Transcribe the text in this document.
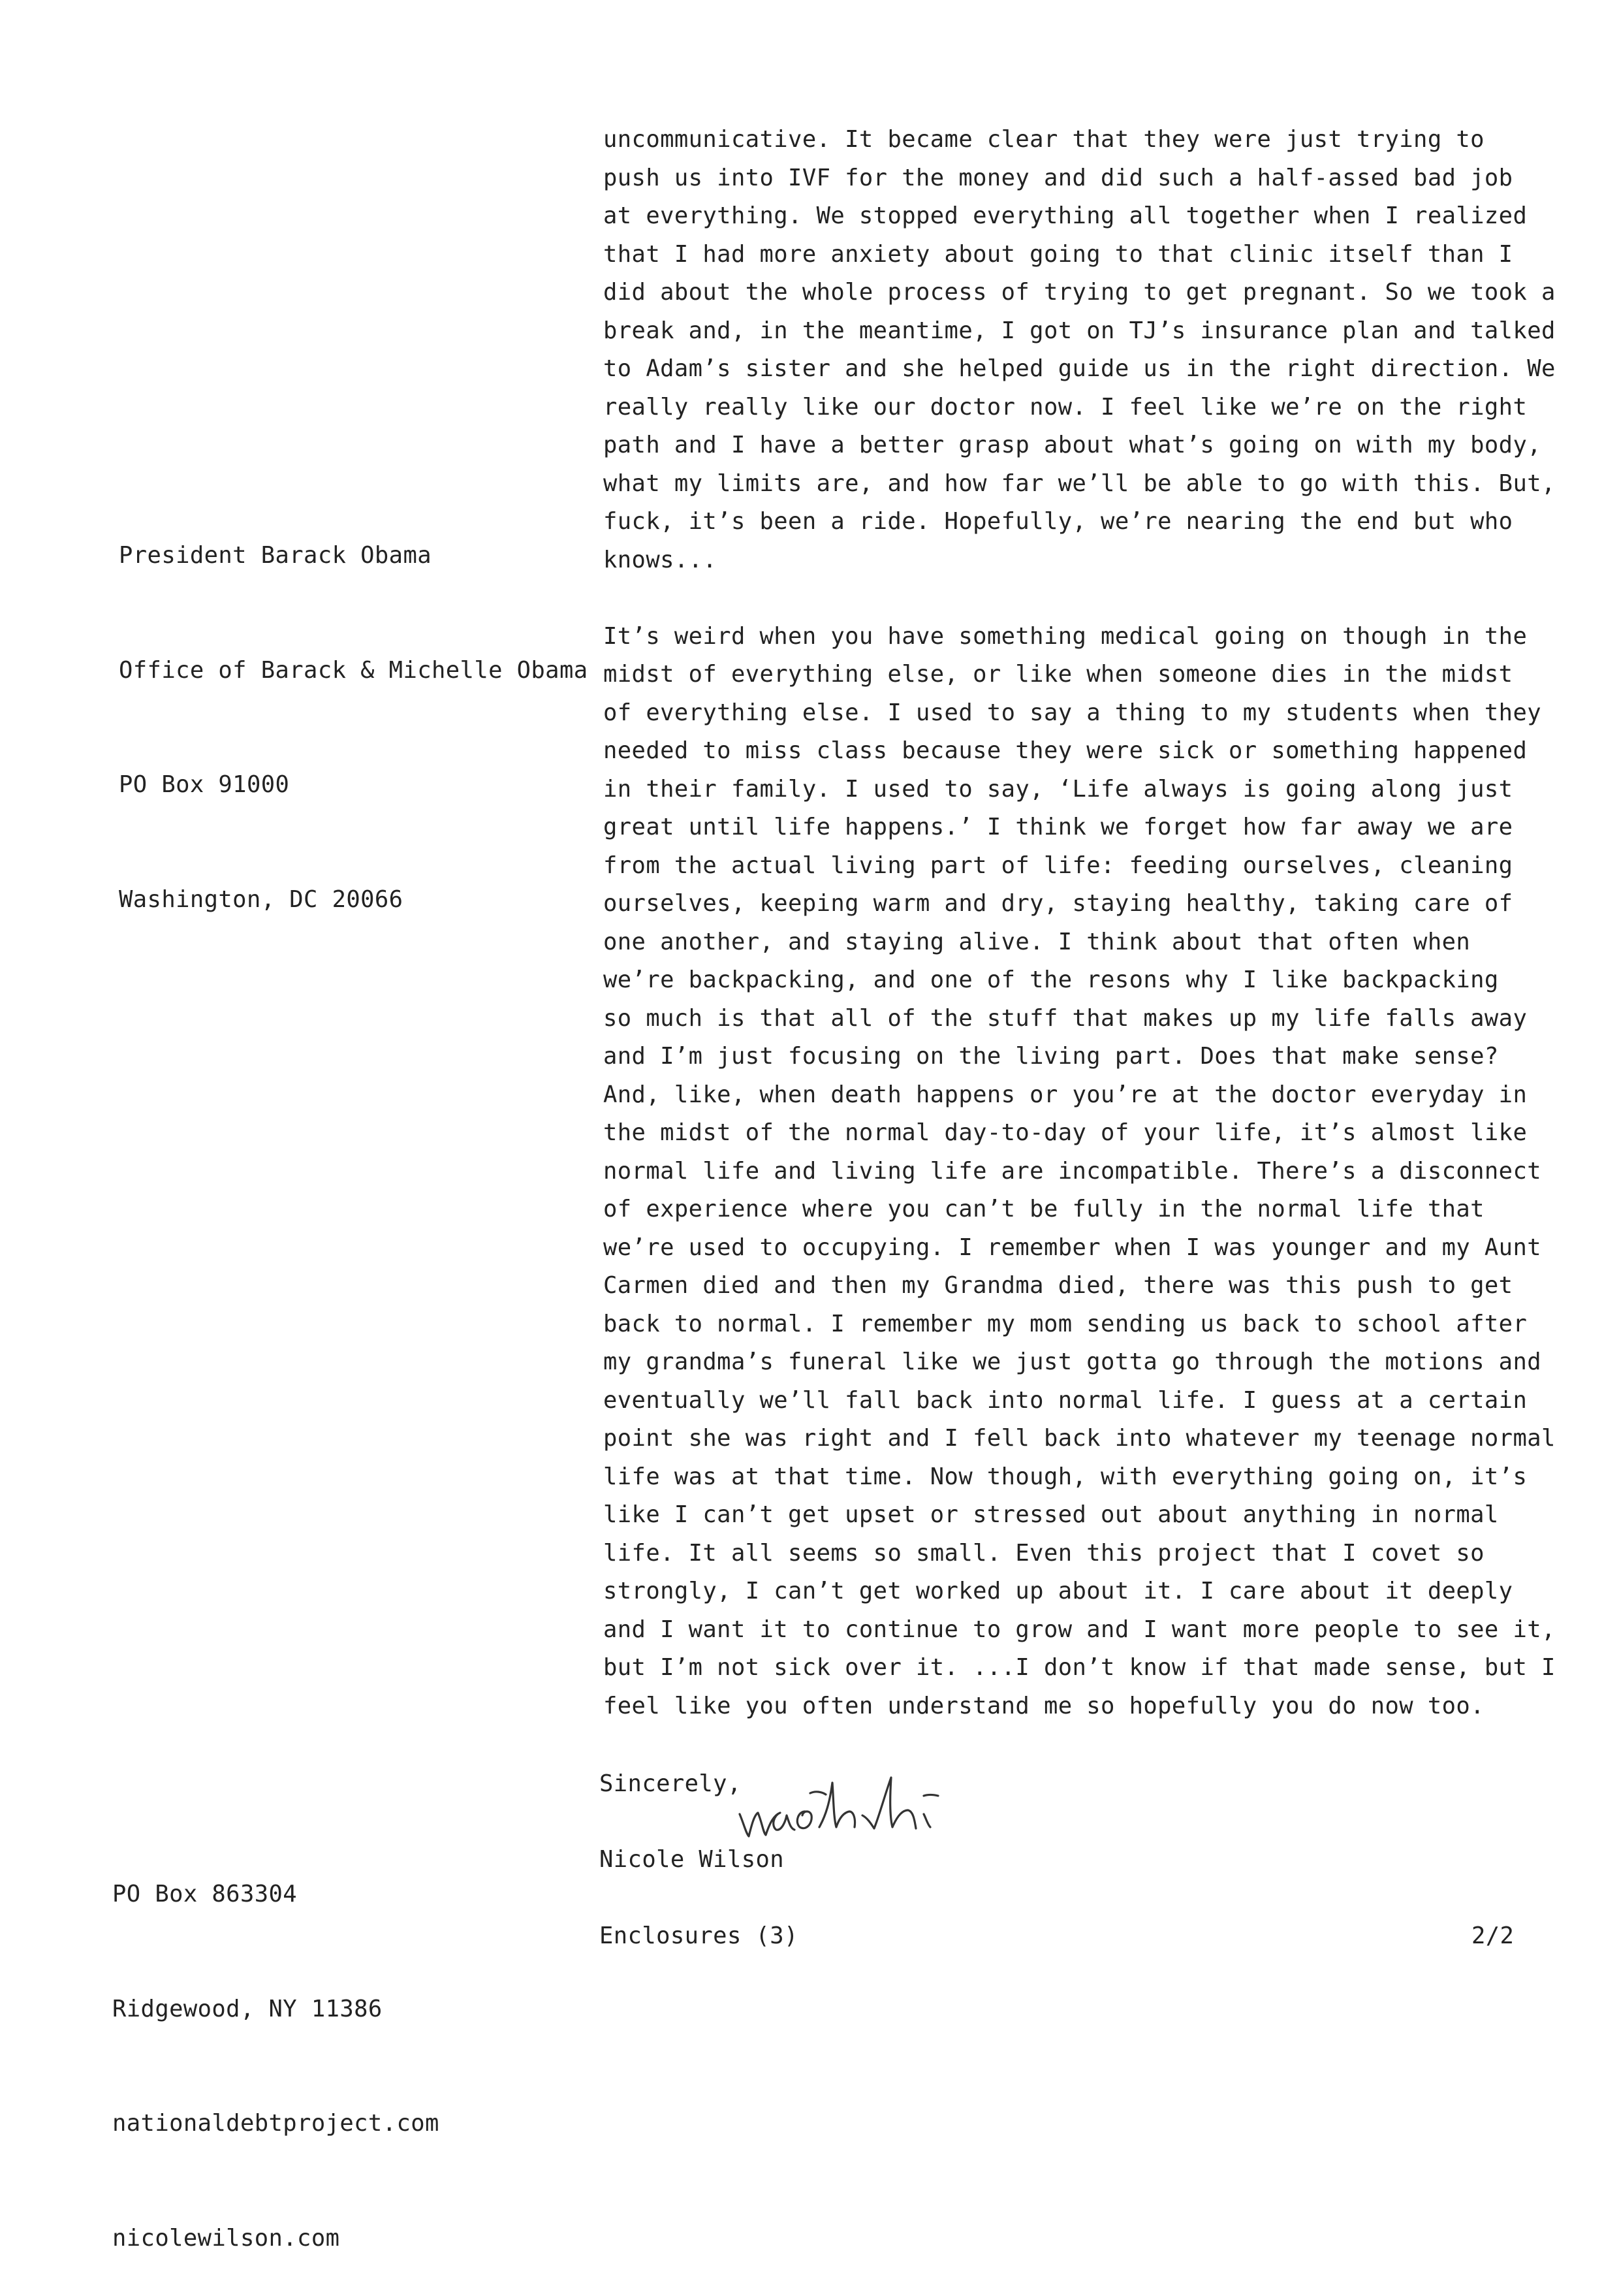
President Barack Obama

Office of Barack & Michelle Obama

PO Box 91000

Washington, DC 20066

uncommunicative. It became clear that they were just trying to
push us into IVF for the money and did such a half-assed bad job
at everything. We stopped everything all together when I realized
that I had more anxiety about going to that clinic itself than I
did about the whole process of trying to get pregnant. So we took a
break and, in the meantime, I got on TJ’s insurance plan and talked
to Adam’s sister and she helped guide us in the right direction. We
really really like our doctor now. I feel like we’re on the right
path and I have a better grasp about what’s going on with my body,
what my limits are, and how far we’ll be able to go with this. But,
fuck, it’s been a ride. Hopefully, we’re nearing the end but who
knows...
It’s weird when you have something medical going on though in the
midst of everything else, or like when someone dies in the midst
of everything else. I used to say a thing to my students when they
needed to miss class because they were sick or something happened
in their family. I used to say, ‘Life always is going along just
great until life happens.’ I think we forget how far away we are
from the actual living part of life: feeding ourselves, cleaning
ourselves, keeping warm and dry, staying healthy, taking care of
one another, and staying alive. I think about that often when
we’re backpacking, and one of the resons why I like backpacking
so much is that all of the stuff that makes up my life falls away
and I’m just focusing on the living part. Does that make sense?
And, like, when death happens or you’re at the doctor everyday in
the midst of the normal day-to-day of your life, it’s almost like
normal life and living life are incompatible. There’s a disconnect
of experience where you can’t be fully in the normal life that
we’re used to occupying. I remember when I was younger and my Aunt
Carmen died and then my Grandma died, there was this push to get
back to normal. I remember my mom sending us back to school after
my grandma’s funeral like we just gotta go through the motions and
eventually we’ll fall back into normal life. I guess at a certain
point she was right and I fell back into whatever my teenage normal
life was at that time. Now though, with everything going on, it’s
like I can’t get upset or stressed out about anything in normal
life. It all seems so small. Even this project that I covet so
strongly, I can’t get worked up about it. I care about it deeply
and I want it to continue to grow and I want more people to see it,
but I’m not sick over it. ...I don’t know if that made sense, but I
feel like you often understand me so hopefully you do now too.
Sincerely,
Nicole Wilson
Enclosures (3)	2/2

PO Box 863304

Ridgewood, NY 11386

nationaldebtproject.com

nicolewilson.com
